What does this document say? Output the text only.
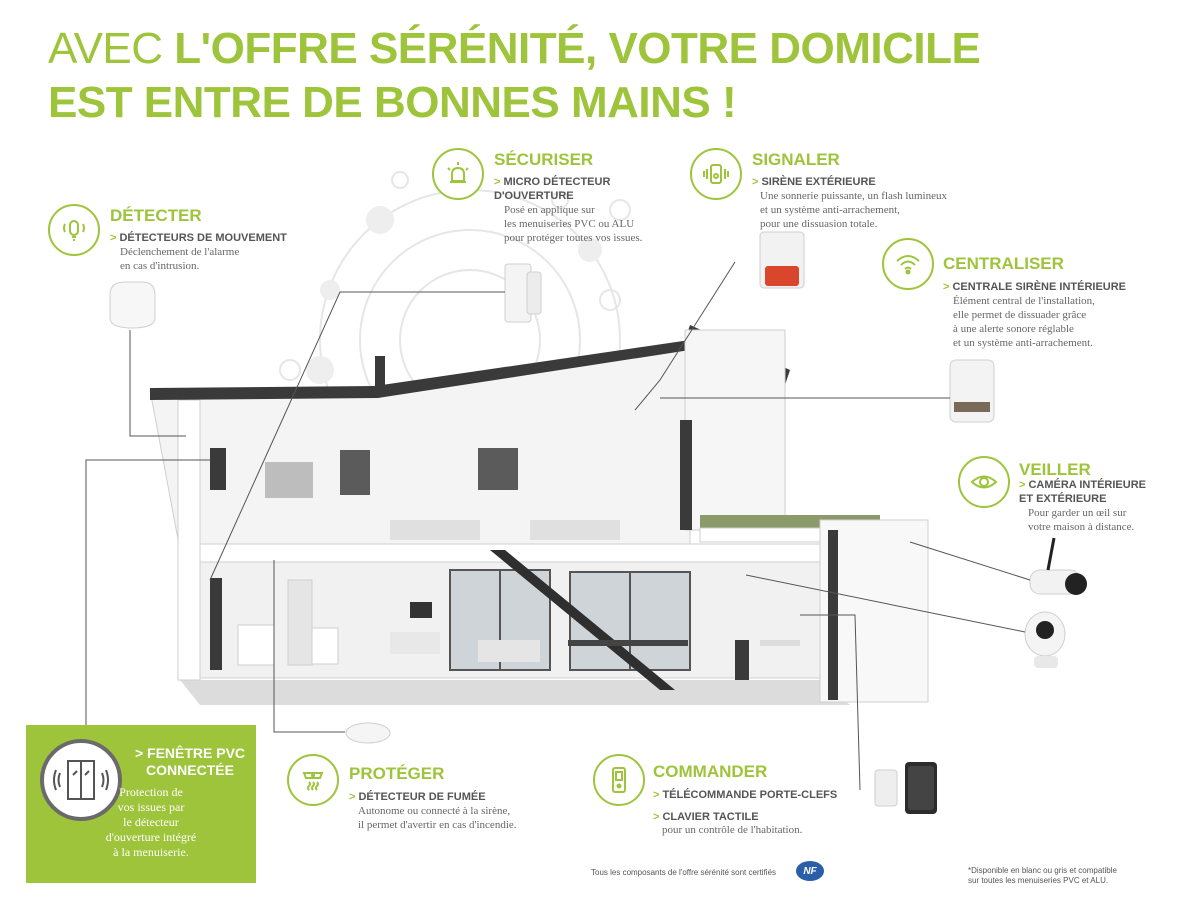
AVEC L'OFFRE SÉRÉNITÉ, VOTRE DOMICILE
EST ENTRE DE BONNES MAINS !
DÉTECTER
> DÉTECTEURS DE MOUVEMENT
Déclenchement de l'alarme
en cas d'intrusion.
SÉCURISER
> MICRO DÉTECTEUR
D'OUVERTURE
Posé en applique sur
les menuiseries PVC ou ALU
pour protéger toutes vos issues.
SIGNALER
> SIRÈNE EXTÉRIEURE
Une sonnerie puissante, un flash lumineux
et un système anti-arrachement,
pour une dissuasion totale.
CENTRALISER
> CENTRALE SIRÈNE INTÉRIEURE
Élément central de l'installation,
elle permet de dissuader grâce
à une alerte sonore réglable
et un système anti-arrachement.
VEILLER
> CAMÉRA INTÉRIEURE
ET EXTÉRIEURE
Pour garder un œil sur
votre maison à distance.
PROTÉGER
> DÉTECTEUR DE FUMÉE
Autonome ou connecté à la sirène,
il permet d'avertir en cas d'incendie.
COMMANDER
> TÉLÉCOMMANDE PORTE-CLEFS
> CLAVIER TACTILE
pour un contrôle de l'habitation.
> FENÊTRE PVC
CONNECTÉE
Protection de
vos issues par
le détecteur
d'ouverture intégré
à la menuiserie.
Tous les composants de l'offre sérénité sont certifiés	NF	*Disponible en blanc ou gris et compatible
sur toutes les menuiseries PVC et ALU.
